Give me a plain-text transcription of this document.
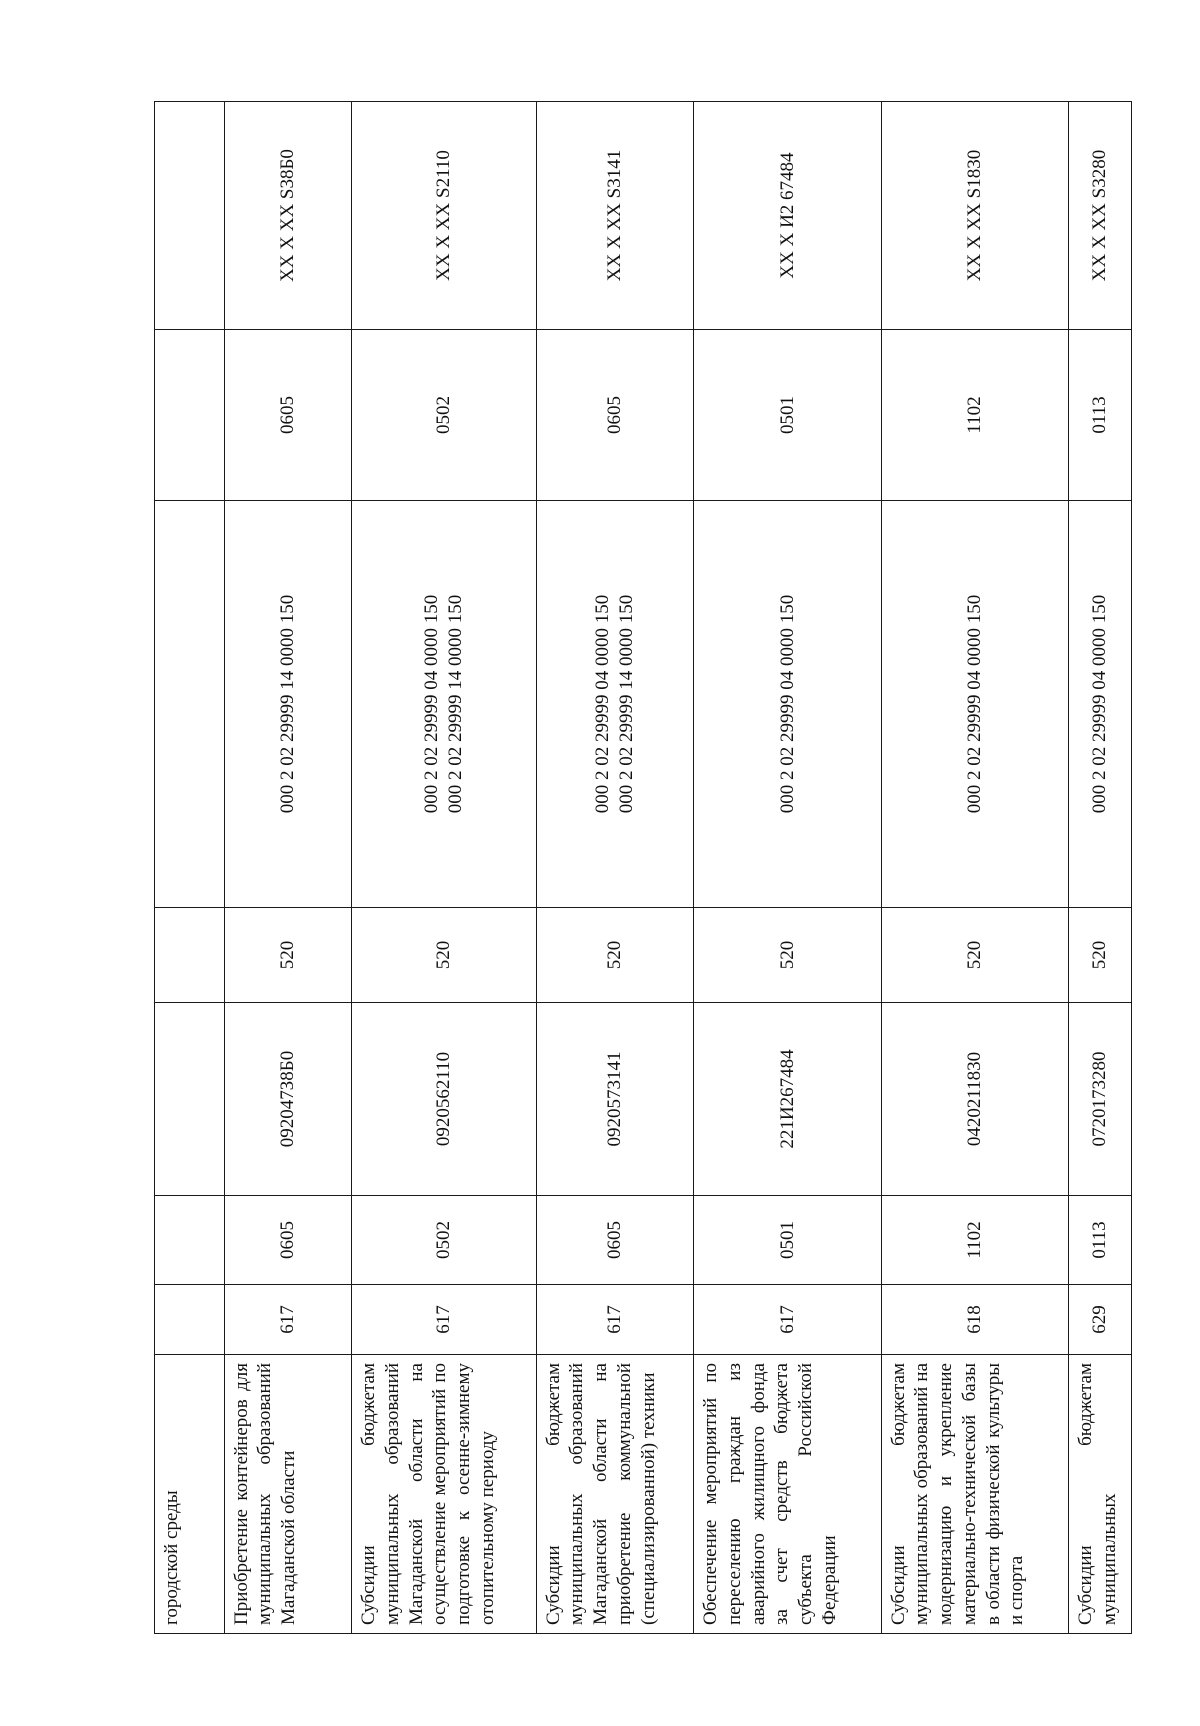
городской среды							
Приобретение контейнеров для муниципальных образований Магаданской области	617	0605	092047З8Б0	520	000 2 02 29999 14 0000 150	0605	XX X XX S38Б0
Субсидии бюджетам муниципальных образований Магаданской области на осуществление мероприятий по подготовке к осенне-зимнему отопительному периоду	617	0502	0920562110	520	000 2 02 29999 04 0000 150 000 2 02 29999 14 0000 150	0502	XX X XX S2110
Субсидии бюджетам муниципальных образований Магаданской области на приобретение коммунальной (специализированной) техники	617	0605	0920573141	520	000 2 02 29999 04 0000 150 000 2 02 29999 14 0000 150	0605	XX X XX S3141
Обеспечение мероприятий по переселению граждан из аварийного жилищного фонда за счет средств бюджета субъекта Российской Федерации	617	0501	221И267484	520	000 2 02 29999 04 0000 150	0501	XX X И2 67484
Субсидии бюджетам муниципальных образований на модернизацию и укрепление материально-технической базы в области физической культуры и спорта	618	1102	0420211830	520	000 2 02 29999 04 0000 150	1102	XX X XX S1830
Субсидии бюджетам муниципальных	629	0113	0720173280	520	000 2 02 29999 04 0000 150	0113	XX X XX S3280
